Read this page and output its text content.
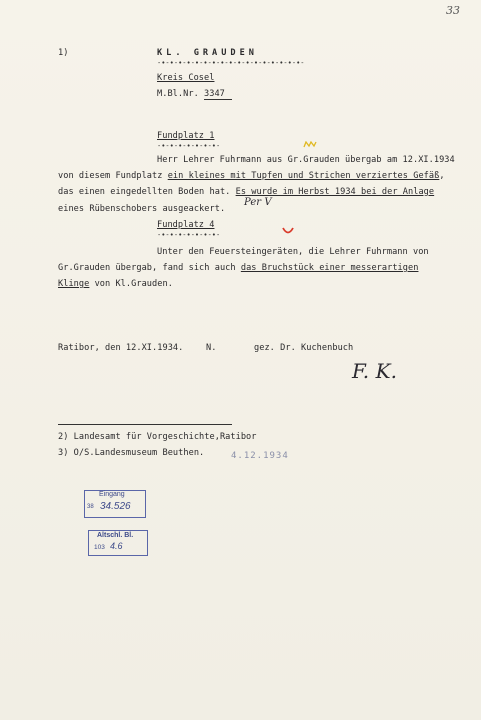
33
1)	KL. GRAUDEN
-•-•-•-•-•-•-•-•-•-•-•-•-•-•-•-•-•-
Kreis Cosel
M.Bl.Nr. 3347
Fundplatz 1
-•-•-•-•-•-•-•-
Herr Lehrer Fuhrmann aus Gr.Grauden übergab am 12.XI.1934
von diesem Fundplatz ein kleines mit Tupfen und Strichen verziertes Gefäß,
das einen eingedellten Boden hat. Es wurde im Herbst 1934 bei der Anlage
eines Rübenschobers ausgeackert.
Per V
Fundplatz 4
-•-•-•-•-•-•-•-
Unter den Feuersteingeräten, die Lehrer Fuhrmann von
Gr.Grauden übergab, fand sich auch das Bruchstück einer messerartigen
Klinge von Kl.Grauden.
Ratibor, den 12.XI.1934.	N.	gez. Dr. Kuchenbuch
F. K.
2) Landesamt für Vorgeschichte,Ratibor
3) O/S.Landesmuseum Beuthen.	4.12.1934
Eingang
38 34.526
Altschl. Bl.
103 4.6
